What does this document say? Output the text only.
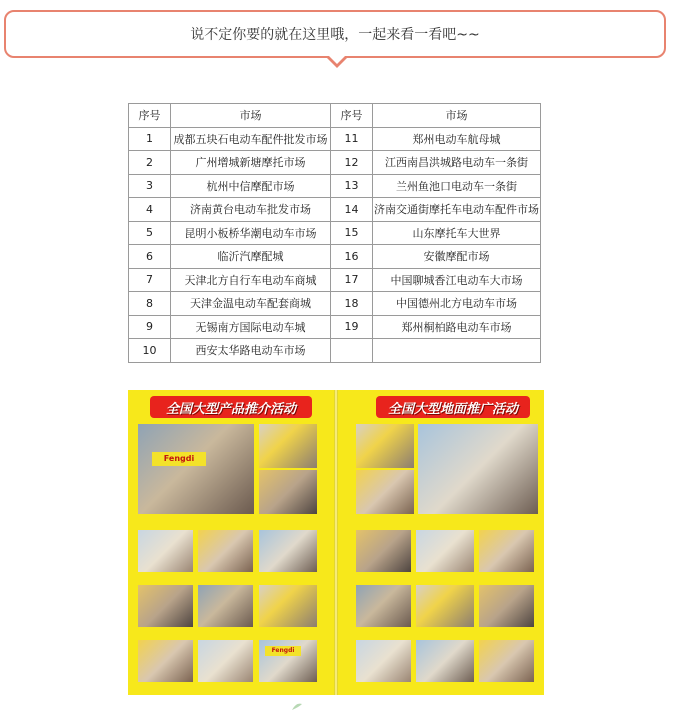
说不定你要的就在这里哦，一起来看一看吧~~
序号	市场	序号	市场
1	成都五块石电动车配件批发市场	11	郑州电动车航母城
2	广州增城新塘摩托市场	12	江西南昌洪城路电动车一条街
3	杭州中信摩配市场	13	兰州鱼池口电动车一条街
4	济南黄台电动车批发市场	14	济南交通街摩托车电动车配件市场
5	昆明小板桥华潮电动车市场	15	山东摩托车大世界
6	临沂汽摩配城	16	安徽摩配市场
7	天津北方自行车电动车商城	17	中国聊城香江电动车大市场
8	天津金温电动车配套商城	18	中国德州北方电动车市场
9	无锡南方国际电动车城	19	郑州桐柏路电动车市场
10	西安太华路电动车市场		
全国大型产品推介活动
Fengdi
Fengdi
全国大型地面推广活动
